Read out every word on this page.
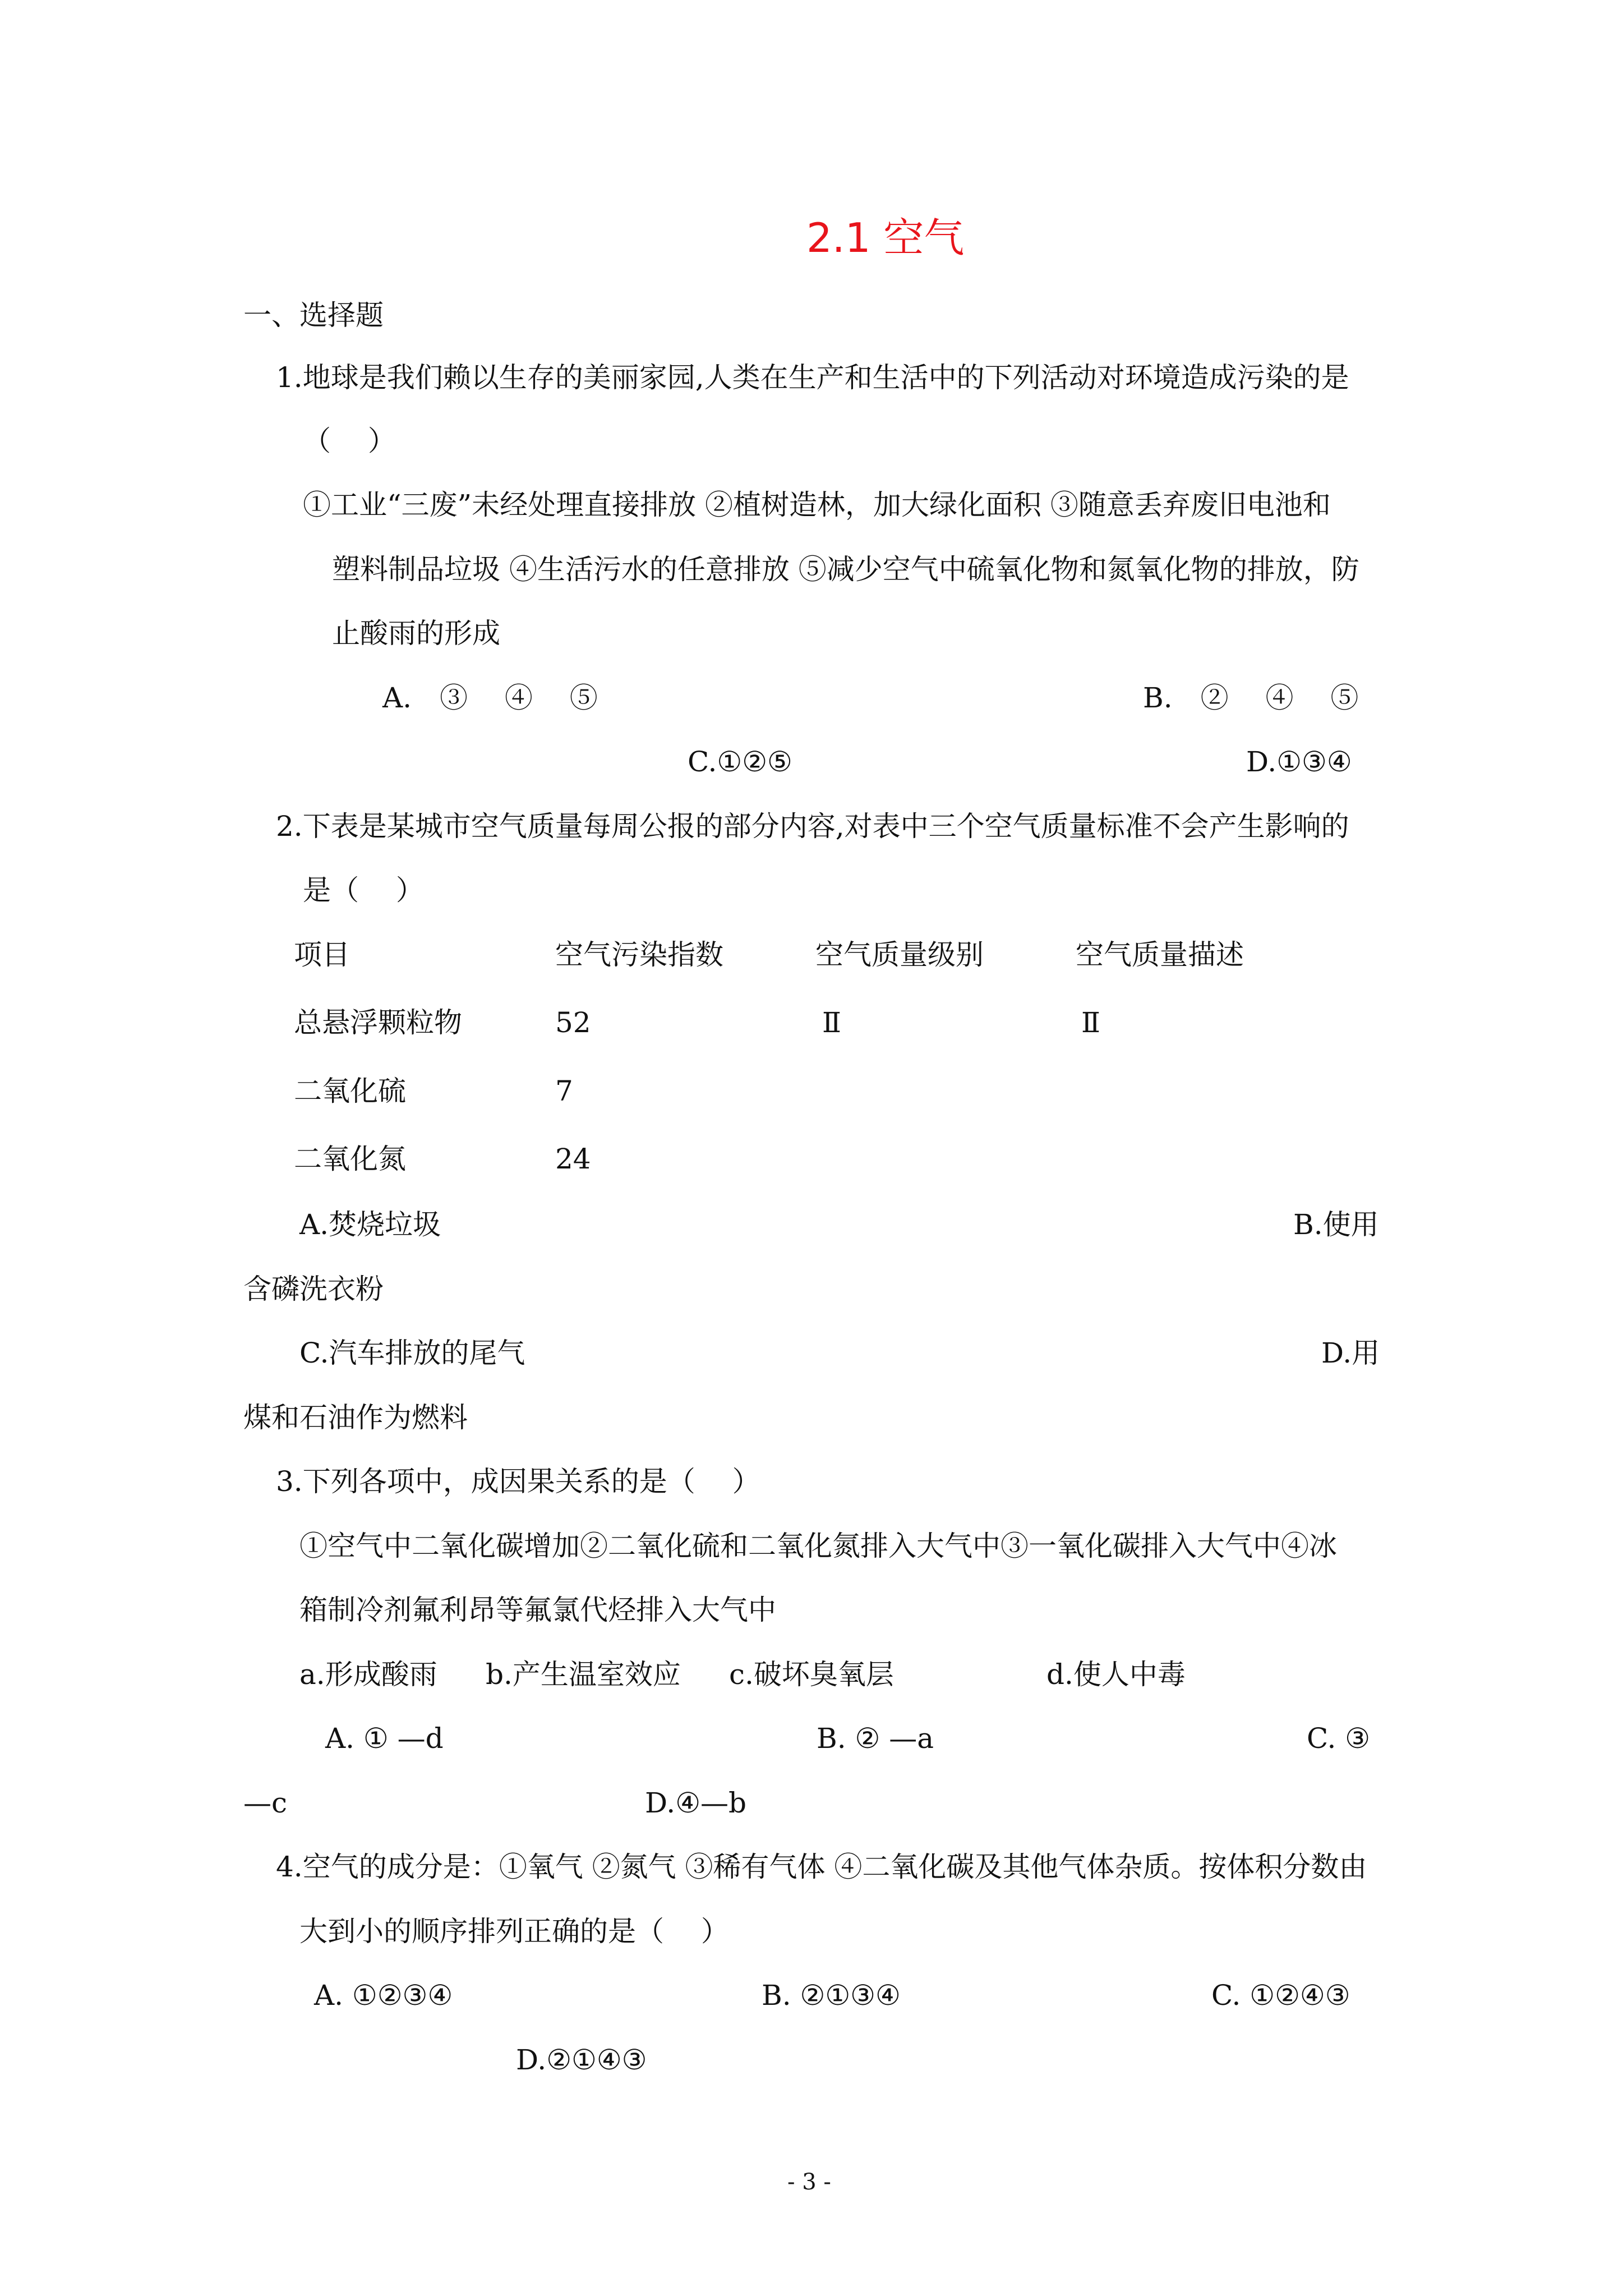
2.1 空气
一、选择题
1.地球是我们赖以生存的美丽家园,人类在生产和生活中的下列活动对环境造成污染的是
（　 ）
①工业“三废”未经处理直接排放 ②植树造林，加大绿化面积 ③随意丢弃废旧电池和
塑料制品垃圾 ④生活污水的任意排放 ⑤减少空气中硫氧化物和氮氧化物的排放，防
止酸雨的形成
A.　③　 ④　 ⑤	B.　②　 ④　 ⑤
C.①②⑤	D.①③④
2.下表是某城市空气质量每周公报的部分内容,对表中三个空气质量标准不会产生影响的
是（　 ）
项目	空气污染指数	空气质量级别	空气质量描述
总悬浮颗粒物	52	Ⅱ	Ⅱ
二氧化硫	7
二氧化氮	24
A.焚烧垃圾	B.使用
含磷洗衣粉
C.汽车排放的尾气	D.用
煤和石油作为燃料
3.下列各项中，成因果关系的是（　 ）
①空气中二氧化碳增加②二氧化硫和二氧化氮排入大气中③一氧化碳排入大气中④冰
箱制冷剂氟利昂等氟氯代烃排入大气中
a.形成酸雨 b.产生温室效应 c.破坏臭氧层	d.使人中毒
A. ① —d	B. ② —a	C. ③
—c	D.④—b
4.空气的成分是：①氧气 ②氮气 ③稀有气体 ④二氧化碳及其他气体杂质。按体积分数由
大到小的顺序排列正确的是（　 ）
A. ①②③④	B. ②①③④	C. ①②④③
D.②①④③
- 3 -
